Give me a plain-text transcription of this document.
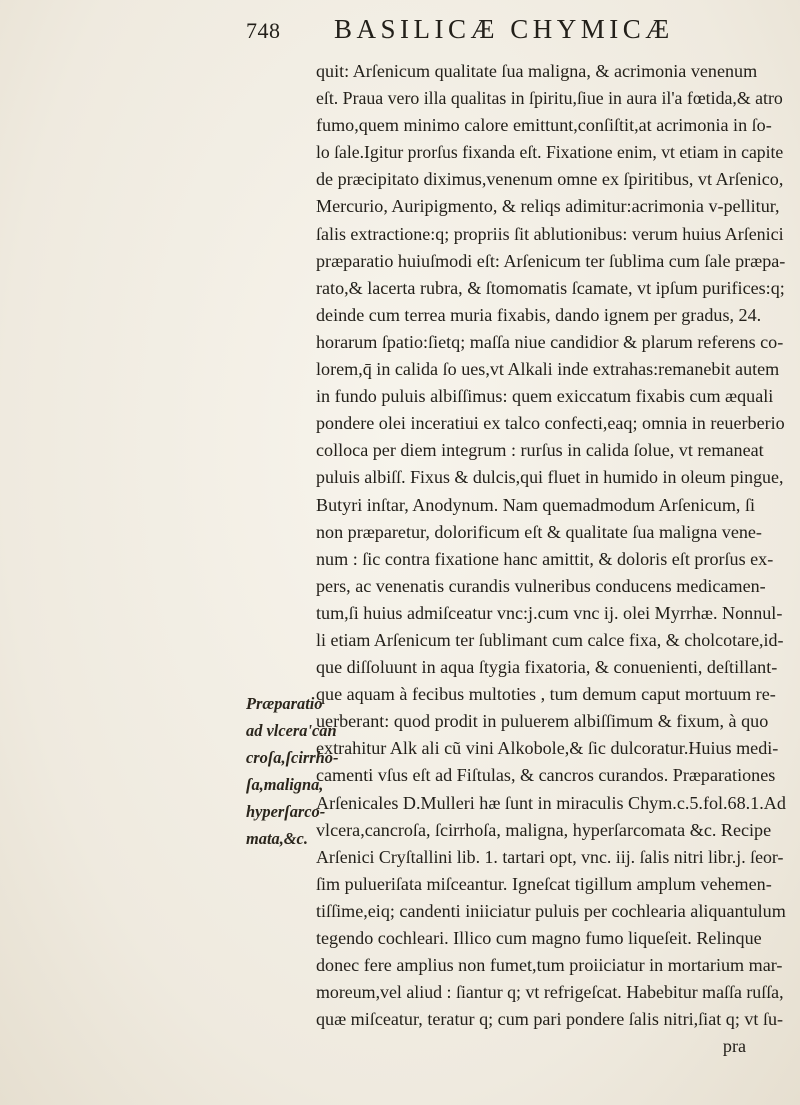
748 BASILICÆ CHYMICÆ
quit: Arſenicum qualitate ſua maligna, & acrimonia venenum
eſt. Praua vero illa qualitas in ſpiritu,ſiue in aura il'a fœtida,& atro
fumo,quem minimo calore emittunt,conſiſtit,at acrimonia in ſo-
lo ſale.Igitur prorſus fixanda eſt. Fixatione enim, vt etiam in capite
de præcipitato diximus,venenum omne ex ſpiritibus, vt Arſenico,
Mercurio, Auripigmento, & reliqs adimitur:acrimonia v-pellitur,
ſalis extractione:q; propriis ſit ablutionibus: verum huius Arſenici
præparatio huiuſmodi eſt: Arſenicum ter ſublima cum ſale præpa-
rato,& lacerta rubra, & ſtomomatis ſcamate, vt ipſum purifices:q;
deinde cum terrea muria fixabis, dando ignem per gradus, 24.
horarum ſpatio:ſietq; maſſa niue candidior & plarum referens co-
lorem,q̄ in calida ſo ues,vt Alkali inde extrahas:remanebit autem
in fundo puluis albiſſimus: quem exiccatum fixabis cum æquali
pondere olei inceratiui ex talco confecti,eaq; omnia in reuerberio
colloca per diem integrum : rurſus in calida ſolue, vt remaneat
puluis albiſſ. Fixus & dulcis,qui fluet in humido in oleum pingue,
Butyri inſtar, Anodynum. Nam quemadmodum Arſenicum, ſi
non præparetur, dolorificum eſt & qualitate ſua maligna vene-
num : ſic contra fixatione hanc amittit, & doloris eſt prorſus ex-
pers, ac venenatis curandis vulneribus conducens medicamen-
tum,ſi huius admiſceatur vnc:j.cum vnc ij. olei Myrrhæ. Nonnul-
li etiam Arſenicum ter ſublimant cum calce fixa, & cholcotare,id-
que diſſoluunt in aqua ſtygia fixatoria, & conuenienti, deſtillant-
que aquam à fecibus multoties , tum demum caput mortuum re-
uerberant: quod prodit in puluerem albiſſimum & fixum, à quo
extrahitur Alk ali cũ vini Alkobole,& ſic dulcoratur.Huius medi-
camenti vſus eſt ad Fiſtulas, & cancros curandos. Præparationes
Arſenicales D.Mulleri hæ ſunt in miraculis Chym.c.5.fol.68.1.Ad
vlcera,cancroſa, ſcirrhoſa, maligna, hyperſarcomata &c. Recipe
Arſenici Cryſtallini lib. 1. tartari opt, vnc. iij. ſalis nitri libr.j. ſeor-
ſim pulueriſata miſceantur. Igneſcat tigillum amplum vehemen-
tiſſime,eiq; candenti iniiciatur puluis per cochlearia aliquantulum
tegendo cochleari. Illico cum magno fumo liqueſeit. Relinque
donec fere amplius non fumet,tum proiiciatur in mortarium mar-
moreum,vel aliud : ſiantur q; vt refrigeſcat. Habebitur maſſa ruſſa,
quæ miſceatur, teratur q; cum pari pondere ſalis nitri,ſiat q; vt ſu-
pra
Præparatio
ad vlcera'can
croſa,ſcirrho-
ſa,maligna,
hyperſarco-
mata,&c.
